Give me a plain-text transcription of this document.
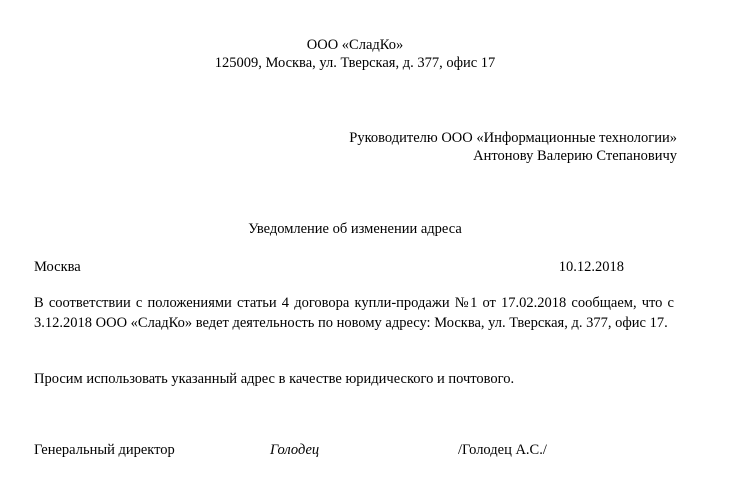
ООО «СладКо»
125009, Москва, ул. Тверская, д. 377, офис 17
Руководителю ООО «Информационные технологии»
Антонову Валерию Степановичу
Уведомление об изменении адреса
Москва	10.12.2018
В соответствии с положениями статьи 4 договора купли-продажи №1 от 17.02.2018 сообщаем, что с 3.12.2018 ООО «СладКо» ведет деятельность по новому адресу: Москва, ул. Тверская, д. 377, офис 17.
Просим использовать указанный адрес в качестве юридического и почтового.
Генеральный директор	Голодец	/Голодец А.С./
